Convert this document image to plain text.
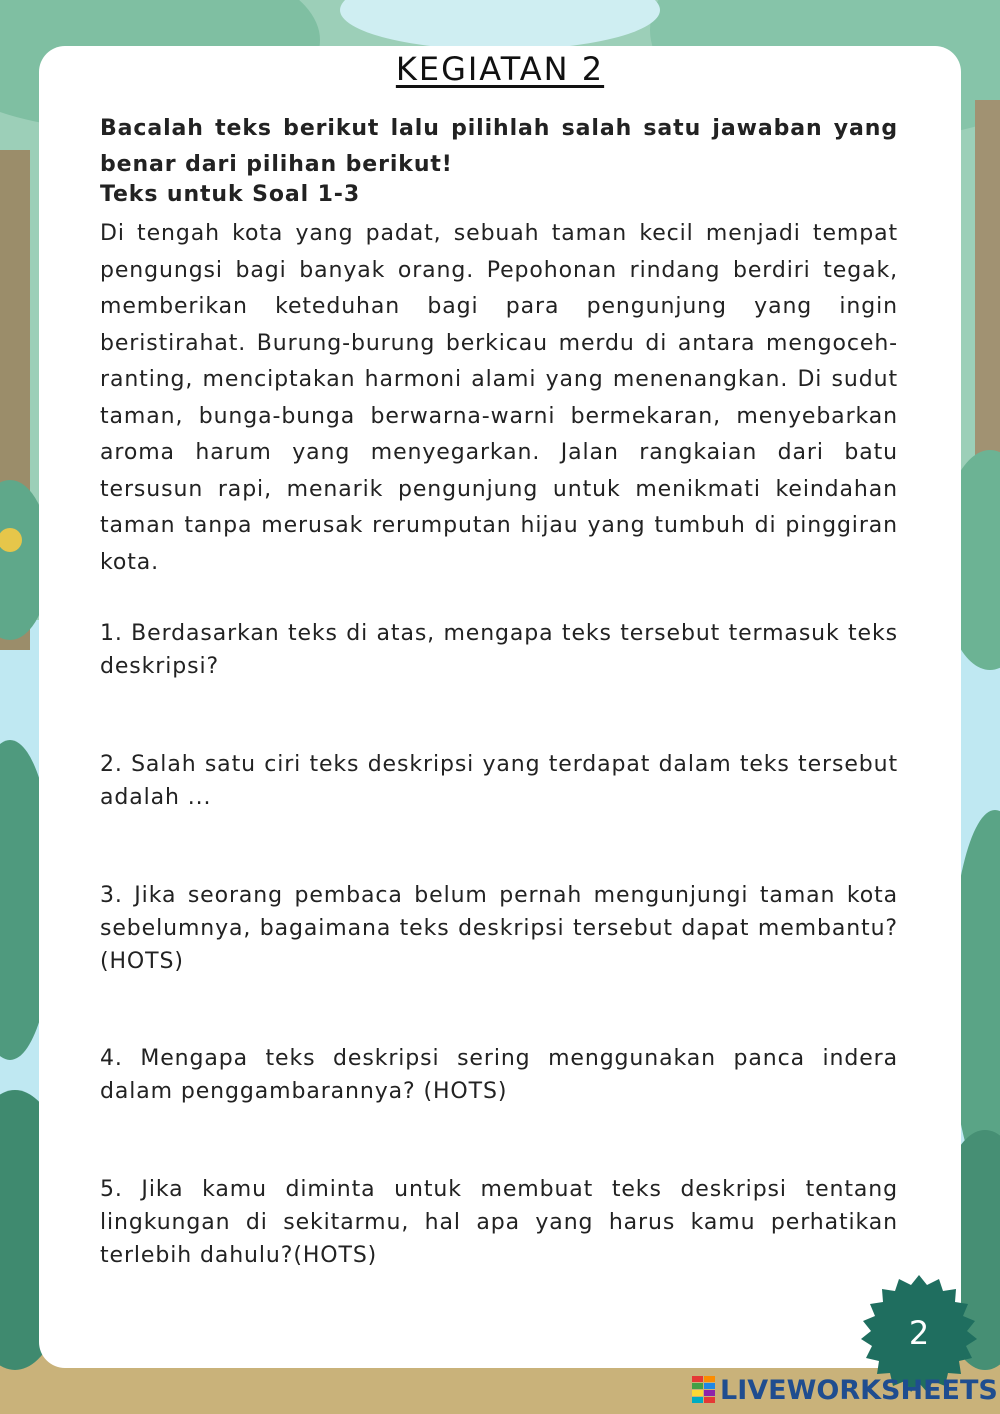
KEGIATAN 2

Bacalah teks berikut lalu pilihlah salah satu jawaban yang benar dari pilihan berikut!

Teks untuk Soal 1-3

Di tengah kota yang padat, sebuah taman kecil menjadi tempat pengungsi bagi banyak orang. Pepohonan rindang berdiri tegak, memberikan keteduhan bagi para pengunjung yang ingin beristirahat. Burung-burung berkicau merdu di antara mengoceh-ranting, menciptakan harmoni alami yang menenangkan. Di sudut taman, bunga-bunga berwarna-warni bermekaran, menyebarkan aroma harum yang menyegarkan. Jalan rangkaian dari batu tersusun rapi, menarik pengunjung untuk menikmati keindahan taman tanpa merusak rerumputan hijau yang tumbuh di pinggiran kota.

1. Berdasarkan teks di atas, mengapa teks tersebut termasuk teks deskripsi?

2. Salah satu ciri teks deskripsi yang terdapat dalam teks tersebut adalah ...

3. Jika seorang pembaca belum pernah mengunjungi taman kota sebelumnya, bagaimana teks deskripsi tersebut dapat membantu?(HOTS)

4. Mengapa teks deskripsi sering menggunakan panca indera dalam penggambarannya? (HOTS)

5. Jika kamu diminta untuk membuat teks deskripsi tentang lingkungan di sekitarmu, hal apa yang harus kamu perhatikan terlebih dahulu?(HOTS)

2
LIVEWORKSHEETS
